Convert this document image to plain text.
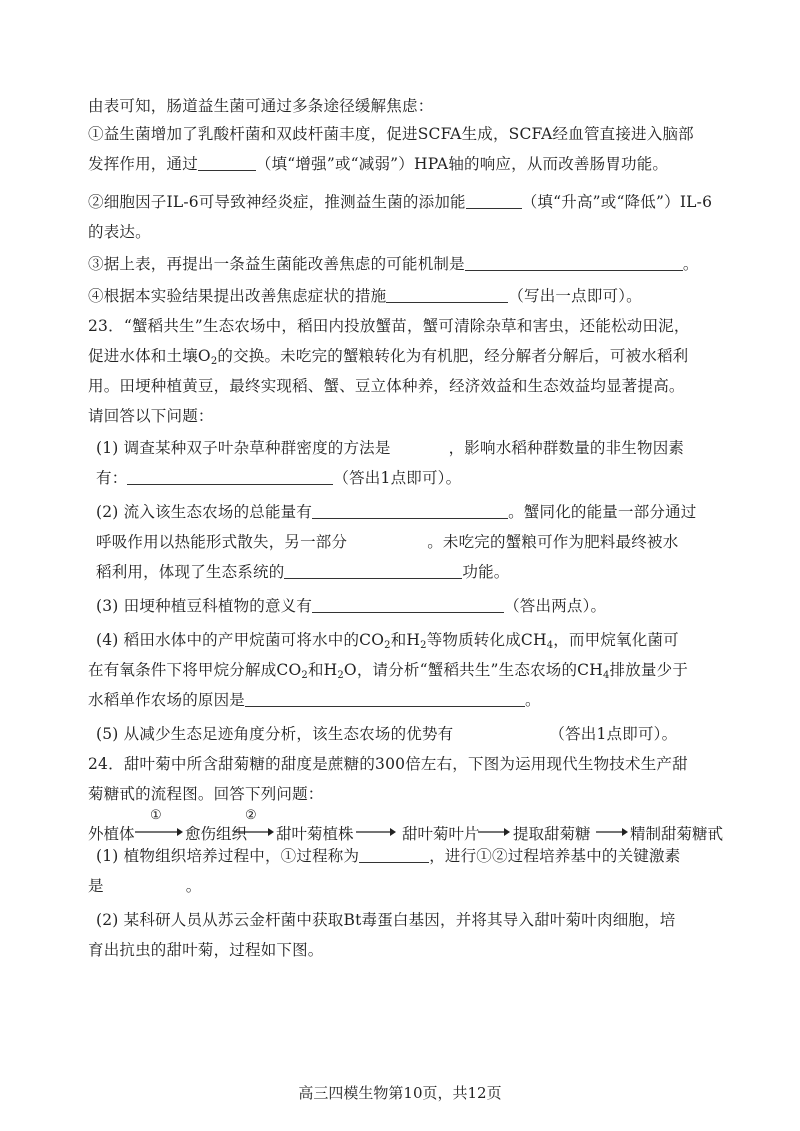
由表可知，肠道益生菌可通过多条途径缓解焦虑：
①益生菌增加了乳酸杆菌和双歧杆菌丰度，促进SCFA生成，SCFA经血管直接进入脑部
发挥作用，通过	（填“增强”或“减弱”）HPA轴的响应，从而改善肠胃功能。
②细胞因子IL-6可导致神经炎症，推测益生菌的添加能	（填“升高”或“降低”）IL-6
的表达。
③据上表，再提出一条益生菌能改善焦虑的可能机制是	。
④根据本实验结果提出改善焦虑症状的措施	（写出一点即可）。
23．“蟹稻共生”生态农场中，稻田内投放蟹苗，蟹可清除杂草和害虫，还能松动田泥，
促进水体和土壤$O_2$的交换。未吃完的蟹粮转化为有机肥，经分解者分解后，可被水稻利
用。田埂种植黄豆，最终实现稻、蟹、豆立体种养，经济效益和生态效益均显著提高。
请回答以下问题：
(1) 调查某种双子叶杂草种群密度的方法是	，影响水稻种群数量的非生物因素
有：	（答出1点即可）。
(2) 流入该生态农场的总能量有	。蟹同化的能量一部分通过
呼吸作用以热能形式散失，另一部分	。未吃完的蟹粮可作为肥料最终被水
稻利用，体现了生态系统的	功能。
(3) 田埂种植豆科植物的意义有	（答出两点）。
(4) 稻田水体中的产甲烷菌可将水中的$CO_2$和$H_2$等物质转化成$CH_4$，而甲烷氧化菌可
在有氧条件下将甲烷分解成$CO_2$和$H_2O$，请分析“蟹稻共生”生态农场的$CH_4$排放量少于
水稻单作农场的原因是	。
(5) 从减少生态足迹角度分析，该生态农场的优势有	（答出1点即可）。
24．甜叶菊中所含甜菊糖的甜度是蔗糖的300倍左右，下图为运用现代生物技术生产甜
菊糖甙的流程图。回答下列问题：
外植体
①
愈伤组织
②
甜叶菊植株	甜叶菊叶片 提取甜菊糖	精制甜菊糖甙
(1) 植物组织培养过程中，①过程称为	，进行①②过程培养基中的关键激素
是	。
(2) 某科研人员从苏云金杆菌中获取Bt毒蛋白基因，并将其导入甜叶菊叶肉细胞，培
育出抗虫的甜叶菊，过程如下图。
高三四模生物第10页，共12页
